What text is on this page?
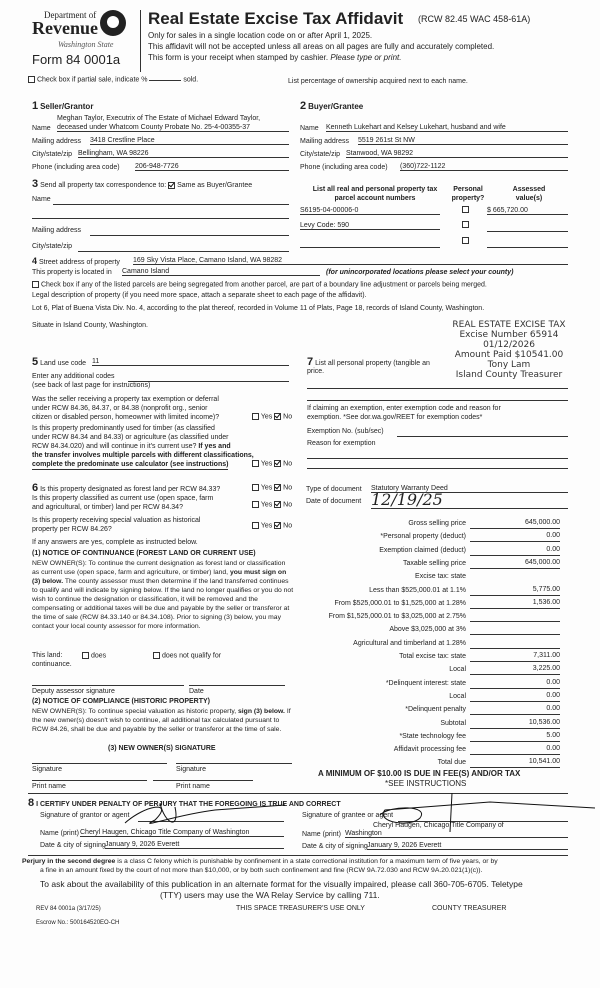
Department of
Revenue
Washington State
Form 84 0001a
Real Estate Excise Tax Affidavit (RCW 82.45 WAC 458-61A)
Only for sales in a single location code on or after April 1, 2025.
This affidavit will not be accepted unless all areas on all pages are fully and accurately completed.
This form is your receipt when stamped by cashier. Please type or print.
Check box if partial sale, indicate %	sold.	List percentage of ownership acquired next to each name.
1 Seller/Grantor
Meghan Taylor, Executrix of The Estate of Michael Edward Taylor,
Name deceased under Whatcom County Probate No. 25-4-00355-37
Mailing address 3418 Crestline Place
City/state/zip Bellingham, WA 98226
Phone (including area code) 206-948-7726
3 Send all property tax correspondence to: Same as Buyer/Grantee
Name
Mailing address
City/state/zip
2 Buyer/Grantee
Name Kenneth Lukehart and Kelsey Lukehart, husband and wife
Mailing address 5519 261st St NW
City/state/zip Stanwood, WA 98292
Phone (including area code) (360)722-1122
List all real and personal property tax
parcel account numbers
Personal
property?
Assessed
value(s)
S6195-04-00006-0	$ 665,720.00
Levy Code: 590
4 Street address of property 169 Sky Vista Place, Camano Island, WA 98282
This property is located in Camano Island	(for unincorporated locations please select your county)
Check box if any of the listed parcels are being segregated from another parcel, are part of a boundary line adjustment or parcels being merged.
Legal description of property (if you need more space, attach a separate sheet to each page of the affidavit).
Lot 6, Plat of Buena Vista Div. No. 4, according to the plat thereof, recorded in Volume 11 of Plats, Page 18, records of Island County, Washington.
Situate in Island County, Washington.	REAL ESTATE EXCISE TAX
Excise Number 65914
01/12/2026
Amount Paid $10541.00
Tony Lam
Island County Treasurer
5 Land use code 11
Enter any additional codes
(see back of last page for instructions)
Was the seller receiving a property tax exemption or deferral
under RCW 84.36, 84.37, or 84.38 (nonprofit org., senior
citizen or disabled person, homeowner with limited income)?	Yes No
Is this property predominantly used for timber (as classified
under RCW 84.34 and 84.33) or agriculture (as classified under
RCW 84.34.020) and will continue in it's current use? If yes and
the transfer involves multiple parcels with different classifications,
complete the predominate use calculator (see instructions)	Yes No
7 List all personal property (tangible an
price.
If claiming an exemption, enter exemption code and reason for
exemption. *See dor.wa.gov/REET for exemption codes*
Exemption No. (sub/sec)
Reason for exemption
6 Is this property designated as forest land per RCW 84.33?	Yes No
Is this property classified as current use (open space, farm
and agricultural, or timber) land per RCW 84.34?	Yes No
Is this property receiving special valuation as historical
property per RCW 84.26?
Yes No
If any answers are yes, complete as instructed below.
(1) NOTICE OF CONTINUANCE (FOREST LAND OR CURRENT USE)
NEW OWNER(S): To continue the current designation as forest land or classification as current use (open space, farm and agriculture, or timber) land, you must sign on (3) below. The county assessor must then determine if the land transferred continues to qualify and will indicate by signing below. If the land no longer qualifies or you do not wish to continue the designation or classification, it will be removed and the compensating or additional taxes will be due and payable by the seller or transferor at the time of sale (RCW 84.33.140 or 84.34.108). Prior to signing (3) below, you may contact your local county assessor for more information.
This land:	does	does not qualify for
continuance.
Deputy assessor signature	Date
(2) NOTICE OF COMPLIANCE (HISTORIC PROPERTY)
NEW OWNER(S): To continue special valuation as historic property, sign (3) below. If the new owner(s) doesn't wish to continue, all additional tax calculated pursuant to RCW 84.26, shall be due and payable by the seller or transferor at the time of sale.
(3) NEW OWNER(S) SIGNATURE
Signature	Signature
Print name	Print name
Type of document Statutory Warranty Deed
Date of document 12/19/25
Gross selling price	645,000.00
*Personal property (deduct)	0.00
Exemption claimed (deduct)	0.00
Taxable selling price	645,000.00
Excise tax: state
Less than $525,000.01 at 1.1%	5,775.00
From $525,000.01 to $1,525,000 at 1.28%	1,536.00
From $1,525,000.01 to $3,025,000 at 2.75%
Above $3,025,000 at 3%
Agricultural and timberland at 1.28%
Total excise tax: state	7,311.00
Local	3,225.00
*Delinquent interest: state	0.00
Local	0.00
*Delinquent penalty	0.00
Subtotal	10,536.00
*State technology fee	5.00
Affidavit processing fee	0.00
Total due	10,541.00
A MINIMUM OF $10.00 IS DUE IN FEE(S) AND/OR TAX
*SEE INSTRUCTIONS
8 I CERTIFY UNDER PENALTY OF PERJURY THAT THE FOREGOING IS TRUE AND CORRECT
Signature of grantor or agent
Name (print) Cheryl Haugen, Chicago Title Company of Washington
Date & city of signing January 9, 2026 Everett
Signature of grantee or agent
Cheryl Haugen, Chicago Title Company of
Name (print) Washington
Date & city of signing January 9, 2026 Everett
Perjury in the second degree is a class C felony which is punishable by confinement in a state correctional institution for a maximum term of five years, or by
a fine in an amount fixed by the court of not more than $10,000, or by both such confinement and fine (RCW 9A.72.030 and RCW 9A.20.021(1)(c)).
To ask about the availability of this publication in an alternate format for the visually impaired, please call 360-705-6705. Teletype
(TTY) users may use the WA Relay Service by calling 711.
REV 84 0001a (3/17/25)	THIS SPACE TREASURER'S USE ONLY	COUNTY TREASURER
Escrow No.: 500164520EO-CH
